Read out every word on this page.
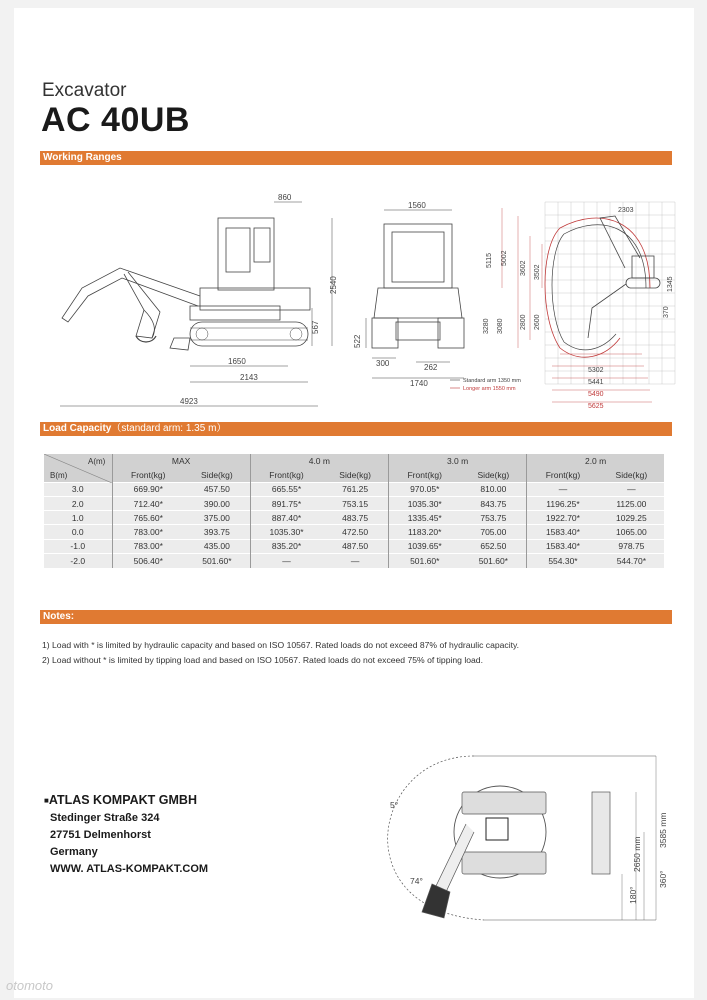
Excavator
AC 40UB
Working Ranges
860
2540
567
1650
2143
4923
1560
522
300	262
1740
2303
5115 5002
3602 3502
1345
370
3280 3080 2800 2600
5302
5441
5490
5625
Standard arm 1350 mm
Longer arm 1550 mm
Load Capacity（standard arm: 1.35 m）
A(m)
B(m)	MAX		4.0 m		3.0 m		2.0 m	
	Front(kg)	Side(kg)	Front(kg)	Side(kg)	Front(kg)	Side(kg)	Front(kg)	Side(kg)
3.0	669.90*	457.50	665.55*	761.25	970.05*	810.00	—	—
2.0	712.40*	390.00	891.75*	753.15	1035.30*	843.75	1196.25*	1125.00
1.0	765.60*	375.00	887.40*	483.75	1335.45*	753.75	1922.70*	1029.25
0.0	783.00*	393.75	1035.30*	472.50	1183.20*	705.00	1583.40*	1065.00
-1.0	783.00*	435.00	835.20*	487.50	1039.65*	652.50	1583.40*	978.75
-2.0	506.40*	501.60*	—	—	501.60*	501.60*	554.30*	544.70*
Notes:
1) Load with * is limited by hydraulic capacity and based on ISO 10567. Rated loads do not exceed 87% of hydraulic capacity.
2) Load without * is limited by tipping load and based on ISO 10567. Rated loads do not exceed 75% of tipping load.
■ATLAS KOMPAKT GMBH
Stedinger Straße 324
27751 Delmenhorst
Germany
WWW. ATLAS-KOMPAKT.COM
5°
74°
2650 mm
3585 mm
180°
360°
otomoto
